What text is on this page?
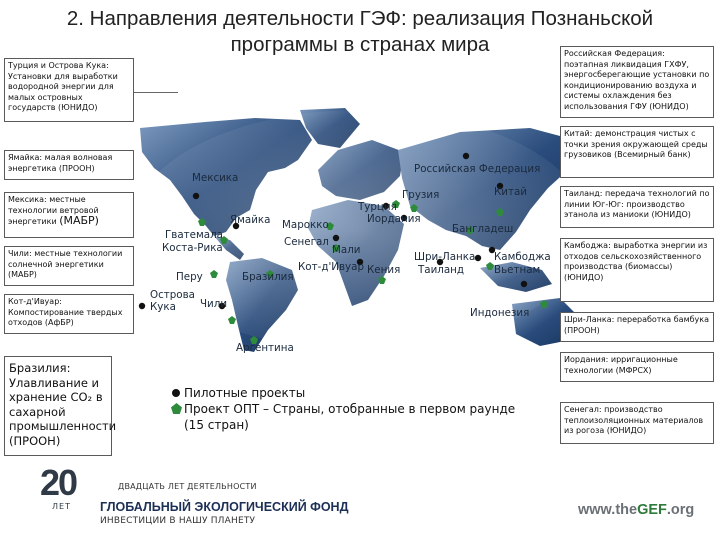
2. Направления деятельности ГЭФ: реализация Познаньской
программы в странах мира
Российская Федерация
Грузия	Китай
Турция
Мексика
Ямайка Марокко
Гватемала
Сенегал
Иордания
Бангладеш
Коста-Рика	Мали
Шри-Ланка Камбоджа
Кот-д'Ивуар Кения Таиланд	Вьетнам
Перу	Бразилия
Острова
Кука Чили
Индонезия
Аргентина
Турция и Острова Кука: Установки для выработки водородной энергии для малых островных государств (ЮНИДО)
Ямайка: малая волновая энергетика (ПРООН)
Мексика: местные технологии ветровой энергетики (МАБР)
Чили: местные технологии солнечной энергетики (МАБР)
Кот-д'Ивуар: Компостирование твердых отходов (АфБР)
Бразилия: Улавливание и хранение CO₂ в сахарной промышленности (ПРООН)
Российская Федерация: поэтапная ликвидация ГХФУ, энергосберегающие установки по кондиционированию воздуха и системы охлаждения без использования ГФУ (ЮНИДО)
Китай: демонстрация чистых с точки зрения окружающей среды грузовиков (Всемирный банк)
Таиланд: передача технологий по линии Юг-Юг: производство этанола из маниоки (ЮНИДО)
Камбоджа: выработка энергии из отходов сельскохозяйственного производства (биомассы) (ЮНИДО)
Шри-Ланка: переработка бамбука (ПРООН)
Иордания: ирригационные технологии (МФРСХ)
Сенегал: производство теплоизоляционных материалов из рогоза (ЮНИДО)
Пилотные проекты
Проект ОПТ – Страны, отобранные в первом раунде
(15 стран)
20
ЛЕТ
ДВАДЦАТЬ ЛЕТ ДЕЯТЕЛЬНОСТИ
ГЛОБАЛЬНЫЙ ЭКОЛОГИЧЕСКИЙ ФОНД
ИНВЕСТИЦИИ В НАШУ ПЛАНЕТУ
www.theGEF.org
